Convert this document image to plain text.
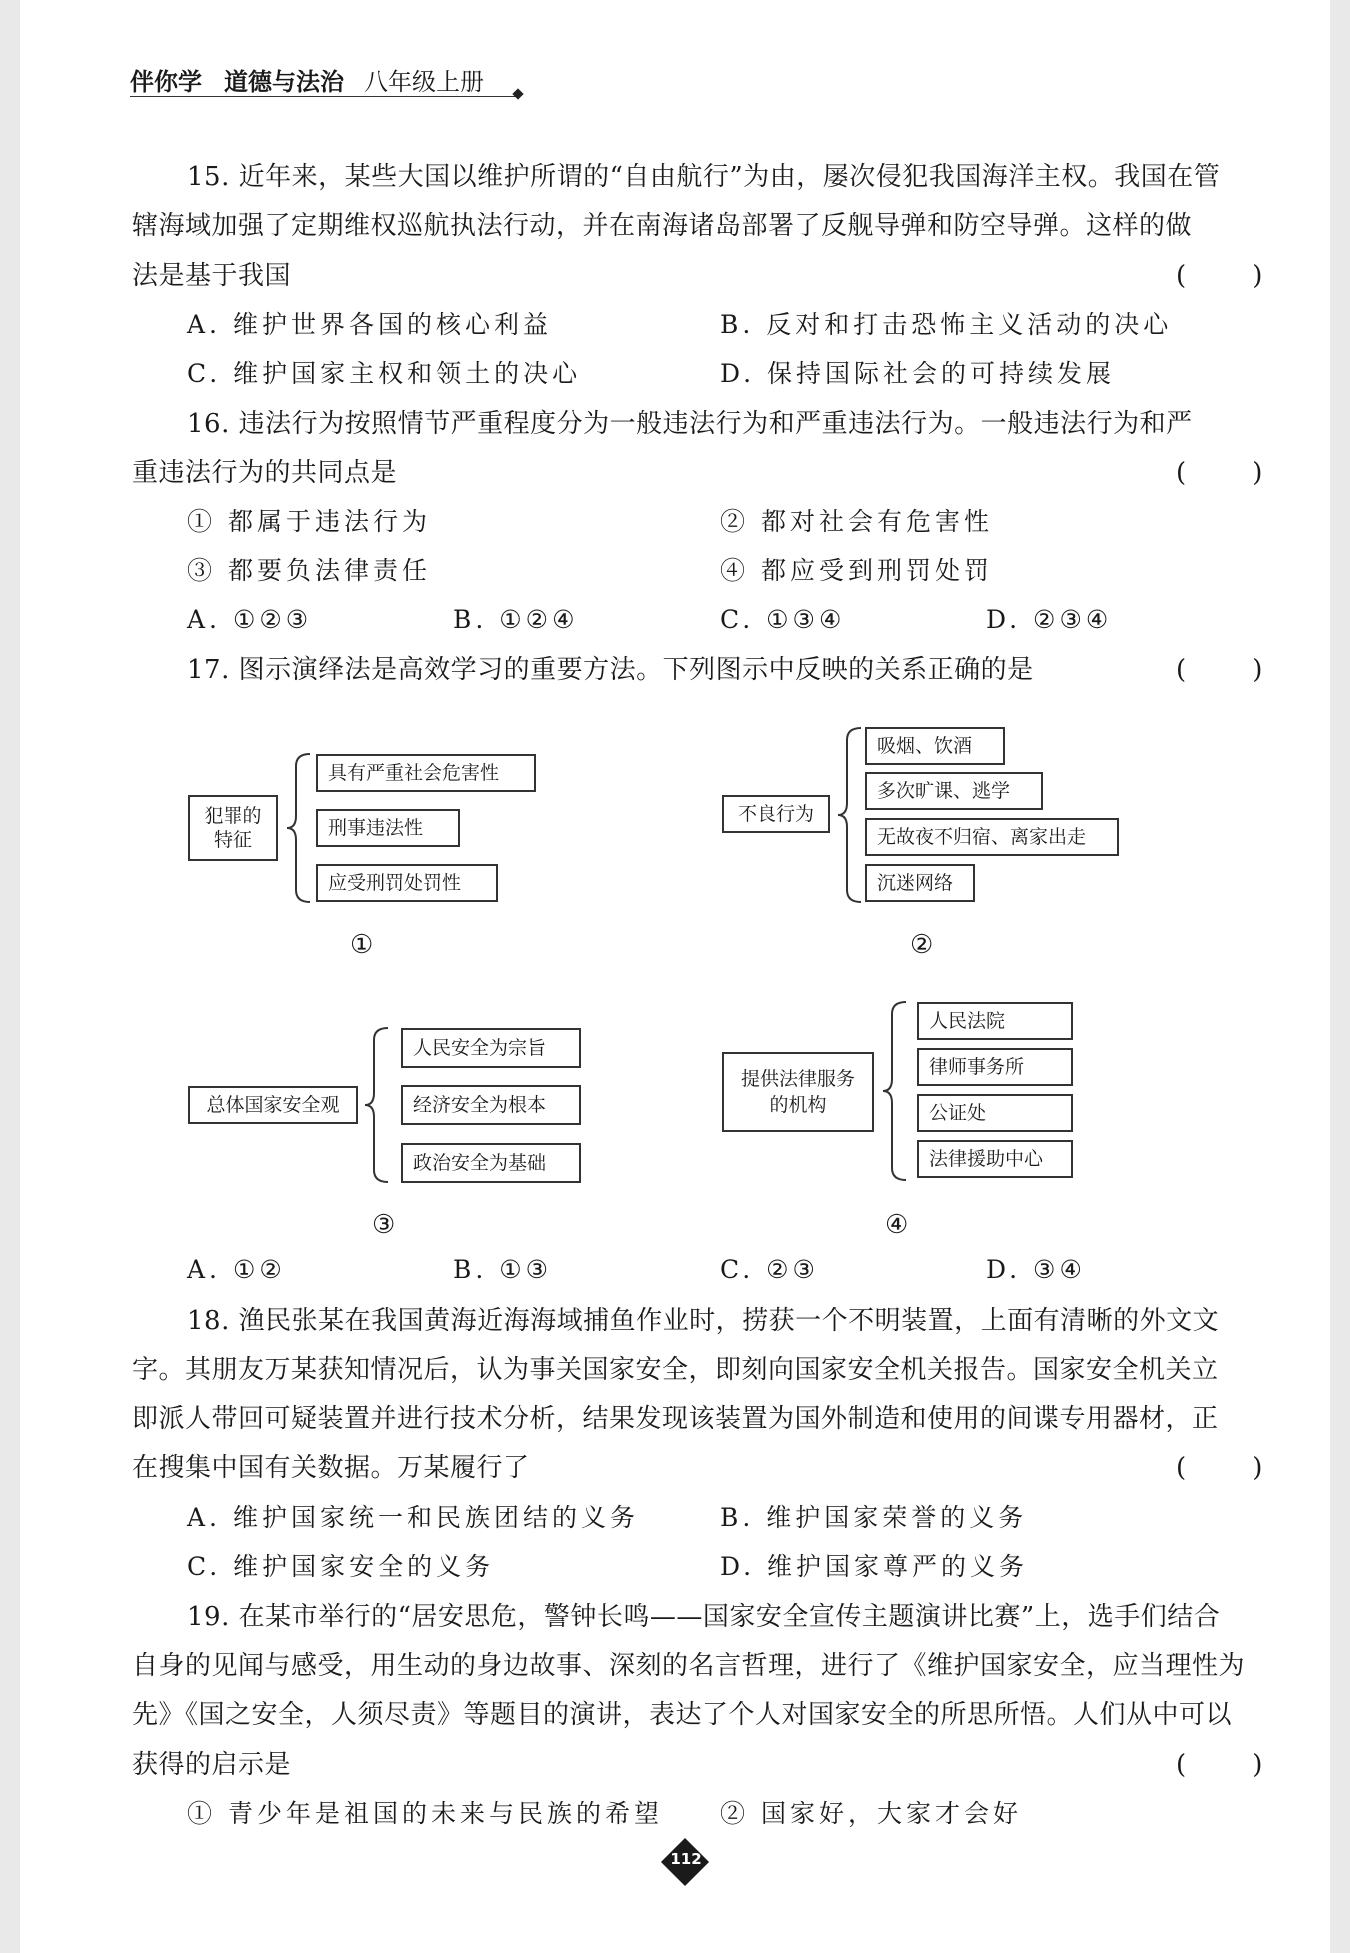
伴你学 道德与法治 八年级上册
15. 近年来，某些大国以维护所谓的“自由航行”为由，屡次侵犯我国海洋主权。我国在管
辖海域加强了定期维权巡航执法行动，并在南海诸岛部署了反舰导弹和防空导弹。这样的做
法是基于我国	(        )
A. 维护世界各国的核心利益	B. 反对和打击恐怖主义活动的决心
C. 维护国家主权和领土的决心	D. 保持国际社会的可持续发展
16. 违法行为按照情节严重程度分为一般违法行为和严重违法行为。一般违法行为和严
重违法行为的共同点是	(        )
① 都属于违法行为	② 都对社会有危害性
③ 都要负法律责任	④ 都应受到刑罚处罚
A. ①②③	B. ①②④	C. ①③④	D. ②③④
17. 图示演绎法是高效学习的重要方法。下列图示中反映的关系正确的是	(        )
犯罪的特征
具有严重社会危害性
刑事违法性
应受刑罚处罚性
①
不良行为
吸烟、饮酒
多次旷课、逃学
无故夜不归宿、离家出走
沉迷网络
②
总体国家安全观
人民安全为宗旨
经济安全为根本
政治安全为基础
③
提供法律服务的机构
人民法院
律师事务所
公证处
法律援助中心
④
A. ①②	B. ①③	C. ②③	D. ③④
18. 渔民张某在我国黄海近海海域捕鱼作业时，捞获一个不明装置，上面有清晰的外文文
字。其朋友万某获知情况后，认为事关国家安全，即刻向国家安全机关报告。国家安全机关立
即派人带回可疑装置并进行技术分析，结果发现该装置为国外制造和使用的间谍专用器材，正
在搜集中国有关数据。万某履行了	(        )
A. 维护国家统一和民族团结的义务	B. 维护国家荣誉的义务
C. 维护国家安全的义务	D. 维护国家尊严的义务
19. 在某市举行的“居安思危，警钟长鸣——国家安全宣传主题演讲比赛”上，选手们结合
自身的见闻与感受，用生动的身边故事、深刻的名言哲理，进行了《维护国家安全，应当理性为
先》《国之安全，人须尽责》等题目的演讲，表达了个人对国家安全的所思所悟。人们从中可以
获得的启示是	(        )
① 青少年是祖国的未来与民族的希望 ② 国家好，大家才会好
112
